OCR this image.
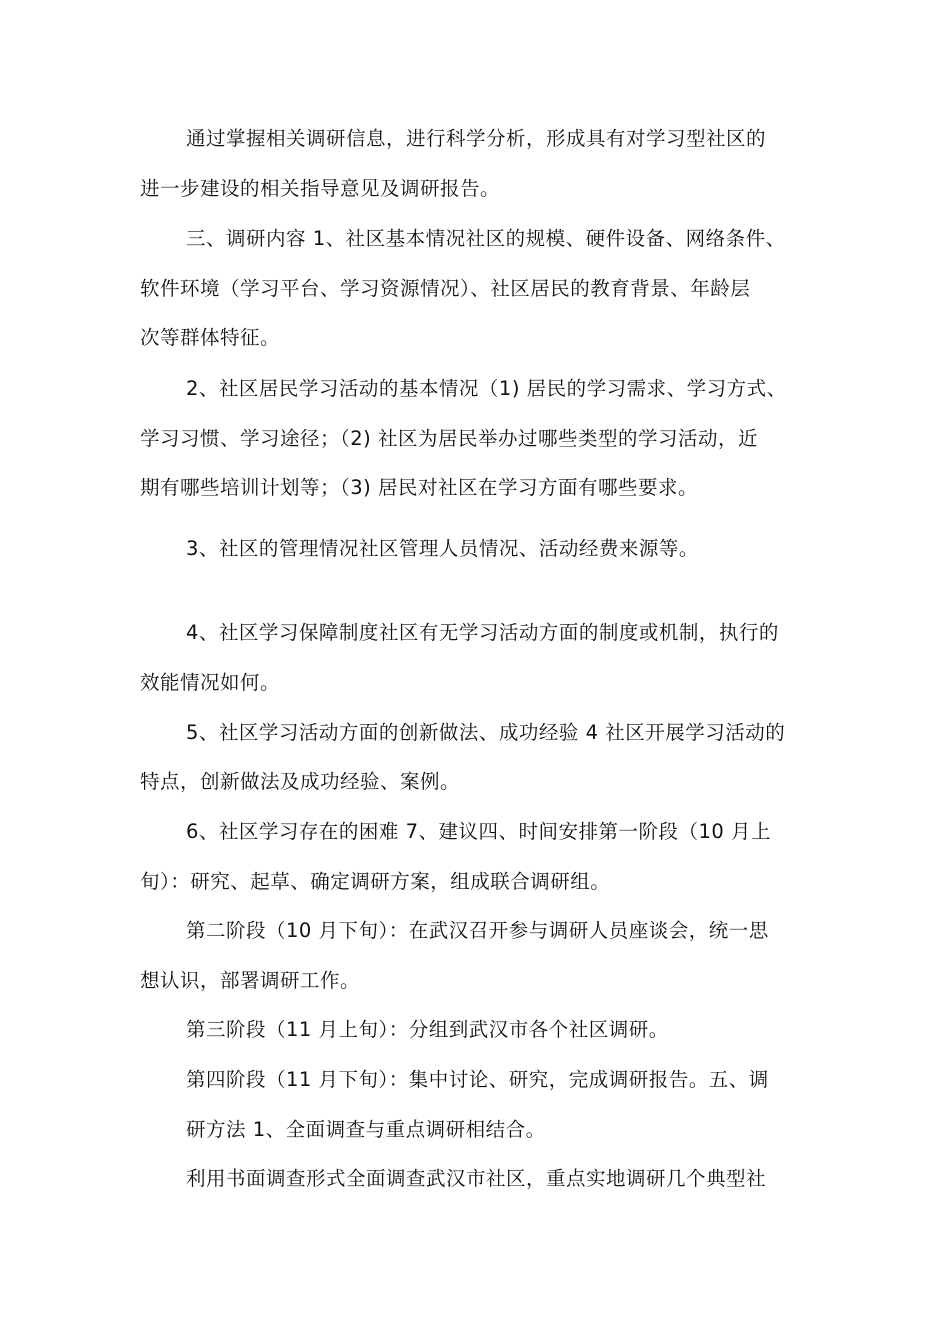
通过掌握相关调研信息，进行科学分析，形成具有对学习型社区的
进一步建设的相关指导意见及调研报告。
三、调研内容 1、社区基本情况社区的规模、硬件设备、网络条件、
软件环境（学习平台、学习资源情况）、社区居民的教育背景、年龄层
次等群体特征。
2、社区居民学习活动的基本情况（1) 居民的学习需求、学习方式、
学习习惯、学习途径；（2) 社区为居民举办过哪些类型的学习活动，近
期有哪些培训计划等；（3) 居民对社区在学习方面有哪些要求。
3、社区的管理情况社区管理人员情况、活动经费来源等。
4、社区学习保障制度社区有无学习活动方面的制度或机制，执行的
效能情况如何。
5、社区学习活动方面的创新做法、成功经验 4 社区开展学习活动的
特点，创新做法及成功经验、案例。
6、社区学习存在的困难 7、建议四、时间安排第一阶段（10 月上
旬）：研究、起草、确定调研方案，组成联合调研组。
第二阶段（10 月下旬）：在武汉召开参与调研人员座谈会，统一思
想认识，部署调研工作。
第三阶段（11 月上旬）：分组到武汉市各个社区调研。
第四阶段（11 月下旬）：集中讨论、研究，完成调研报告。五、调
研方法 1、全面调查与重点调研相结合。
利用书面调查形式全面调查武汉市社区，重点实地调研几个典型社
